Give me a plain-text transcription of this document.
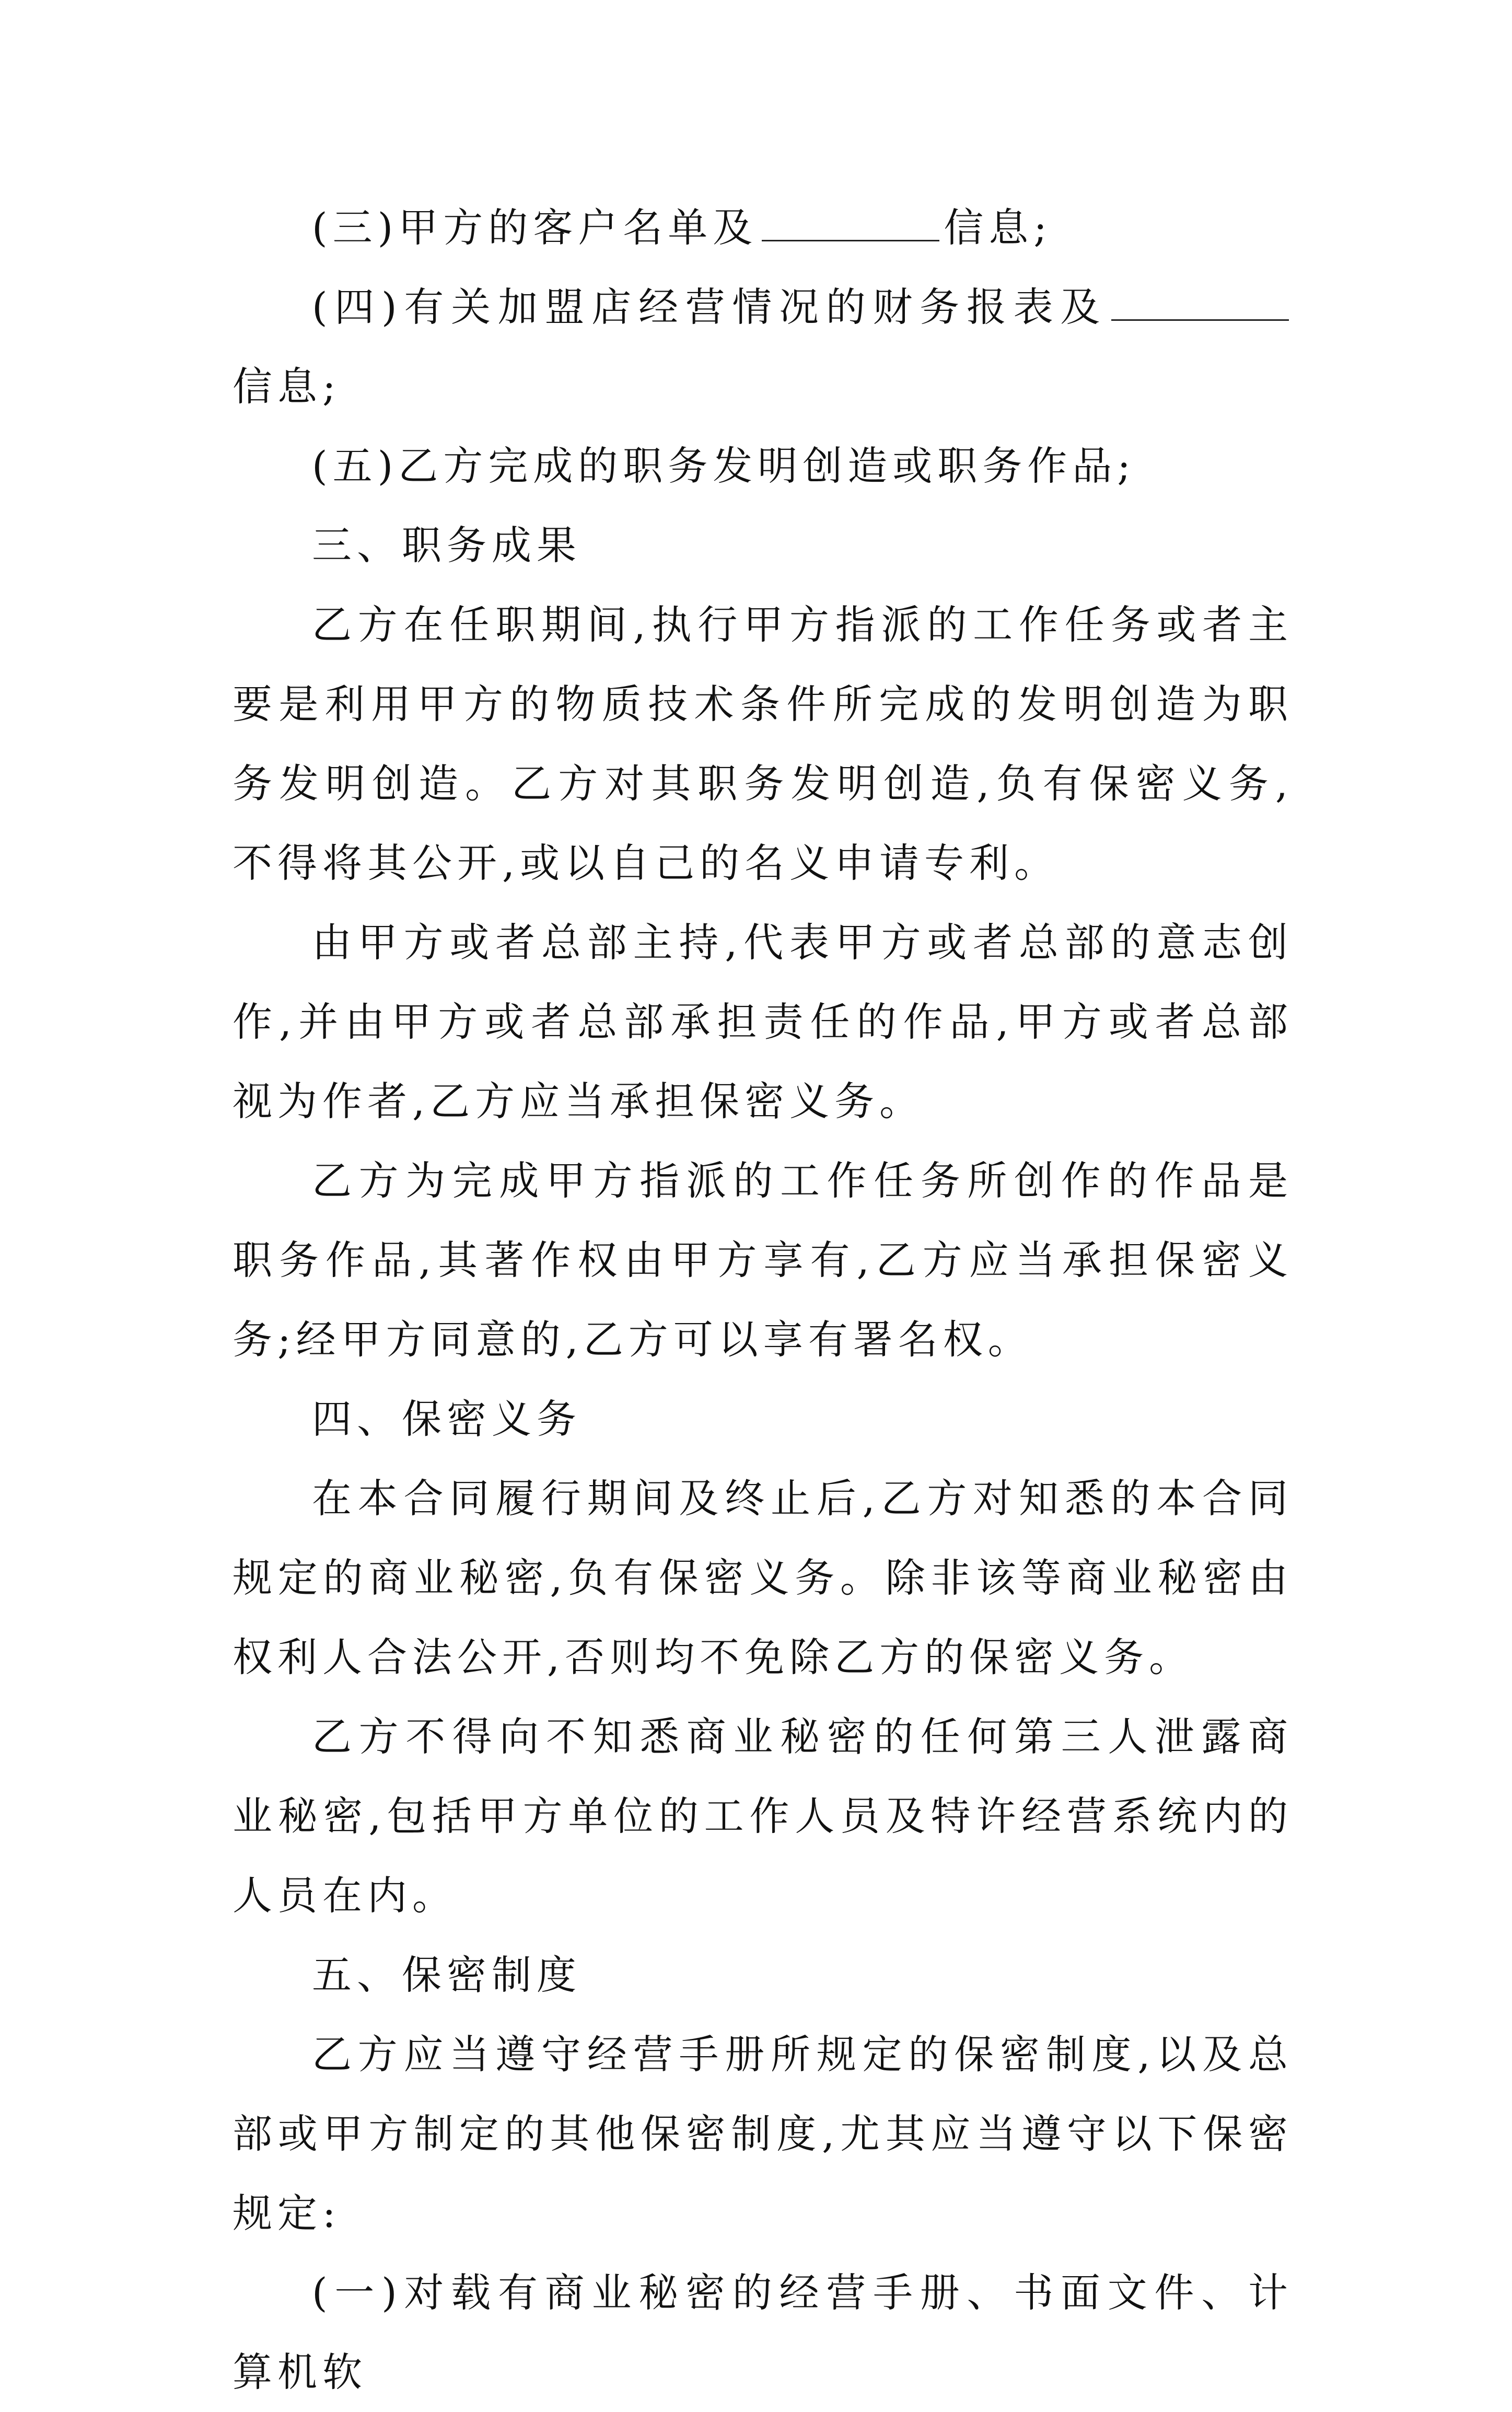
(三)甲方的客户名单及	信息;

(四)有关加盟店经营情况的财务报表及信息;

(五)乙方完成的职务发明创造或职务作品;

三、职务成果

乙方在任职期间,执行甲方指派的工作任务或者主要是利用甲方的物质技术条件所完成的发明创造为职务发明创造。乙方对其职务发明创造,负有保密义务,不得将其公开,或以自己的名义申请专利。

由甲方或者总部主持,代表甲方或者总部的意志创作,并由甲方或者总部承担责任的作品,甲方或者总部视为作者,乙方应当承担保密义务。

乙方为完成甲方指派的工作任务所创作的作品是职务作品,其著作权由甲方享有,乙方应当承担保密义务;经甲方同意的,乙方可以享有署名权。

四、保密义务

在本合同履行期间及终止后,乙方对知悉的本合同规定的商业秘密,负有保密义务。除非该等商业秘密由权利人合法公开,否则均不免除乙方的保密义务。

乙方不得向不知悉商业秘密的任何第三人泄露商业秘密,包括甲方单位的工作人员及特许经营系统内的人员在内。

五、保密制度

乙方应当遵守经营手册所规定的保密制度,以及总部或甲方制定的其他保密制度,尤其应当遵守以下保密规定:

(一)对载有商业秘密的经营手册、书面文件、计算机软
